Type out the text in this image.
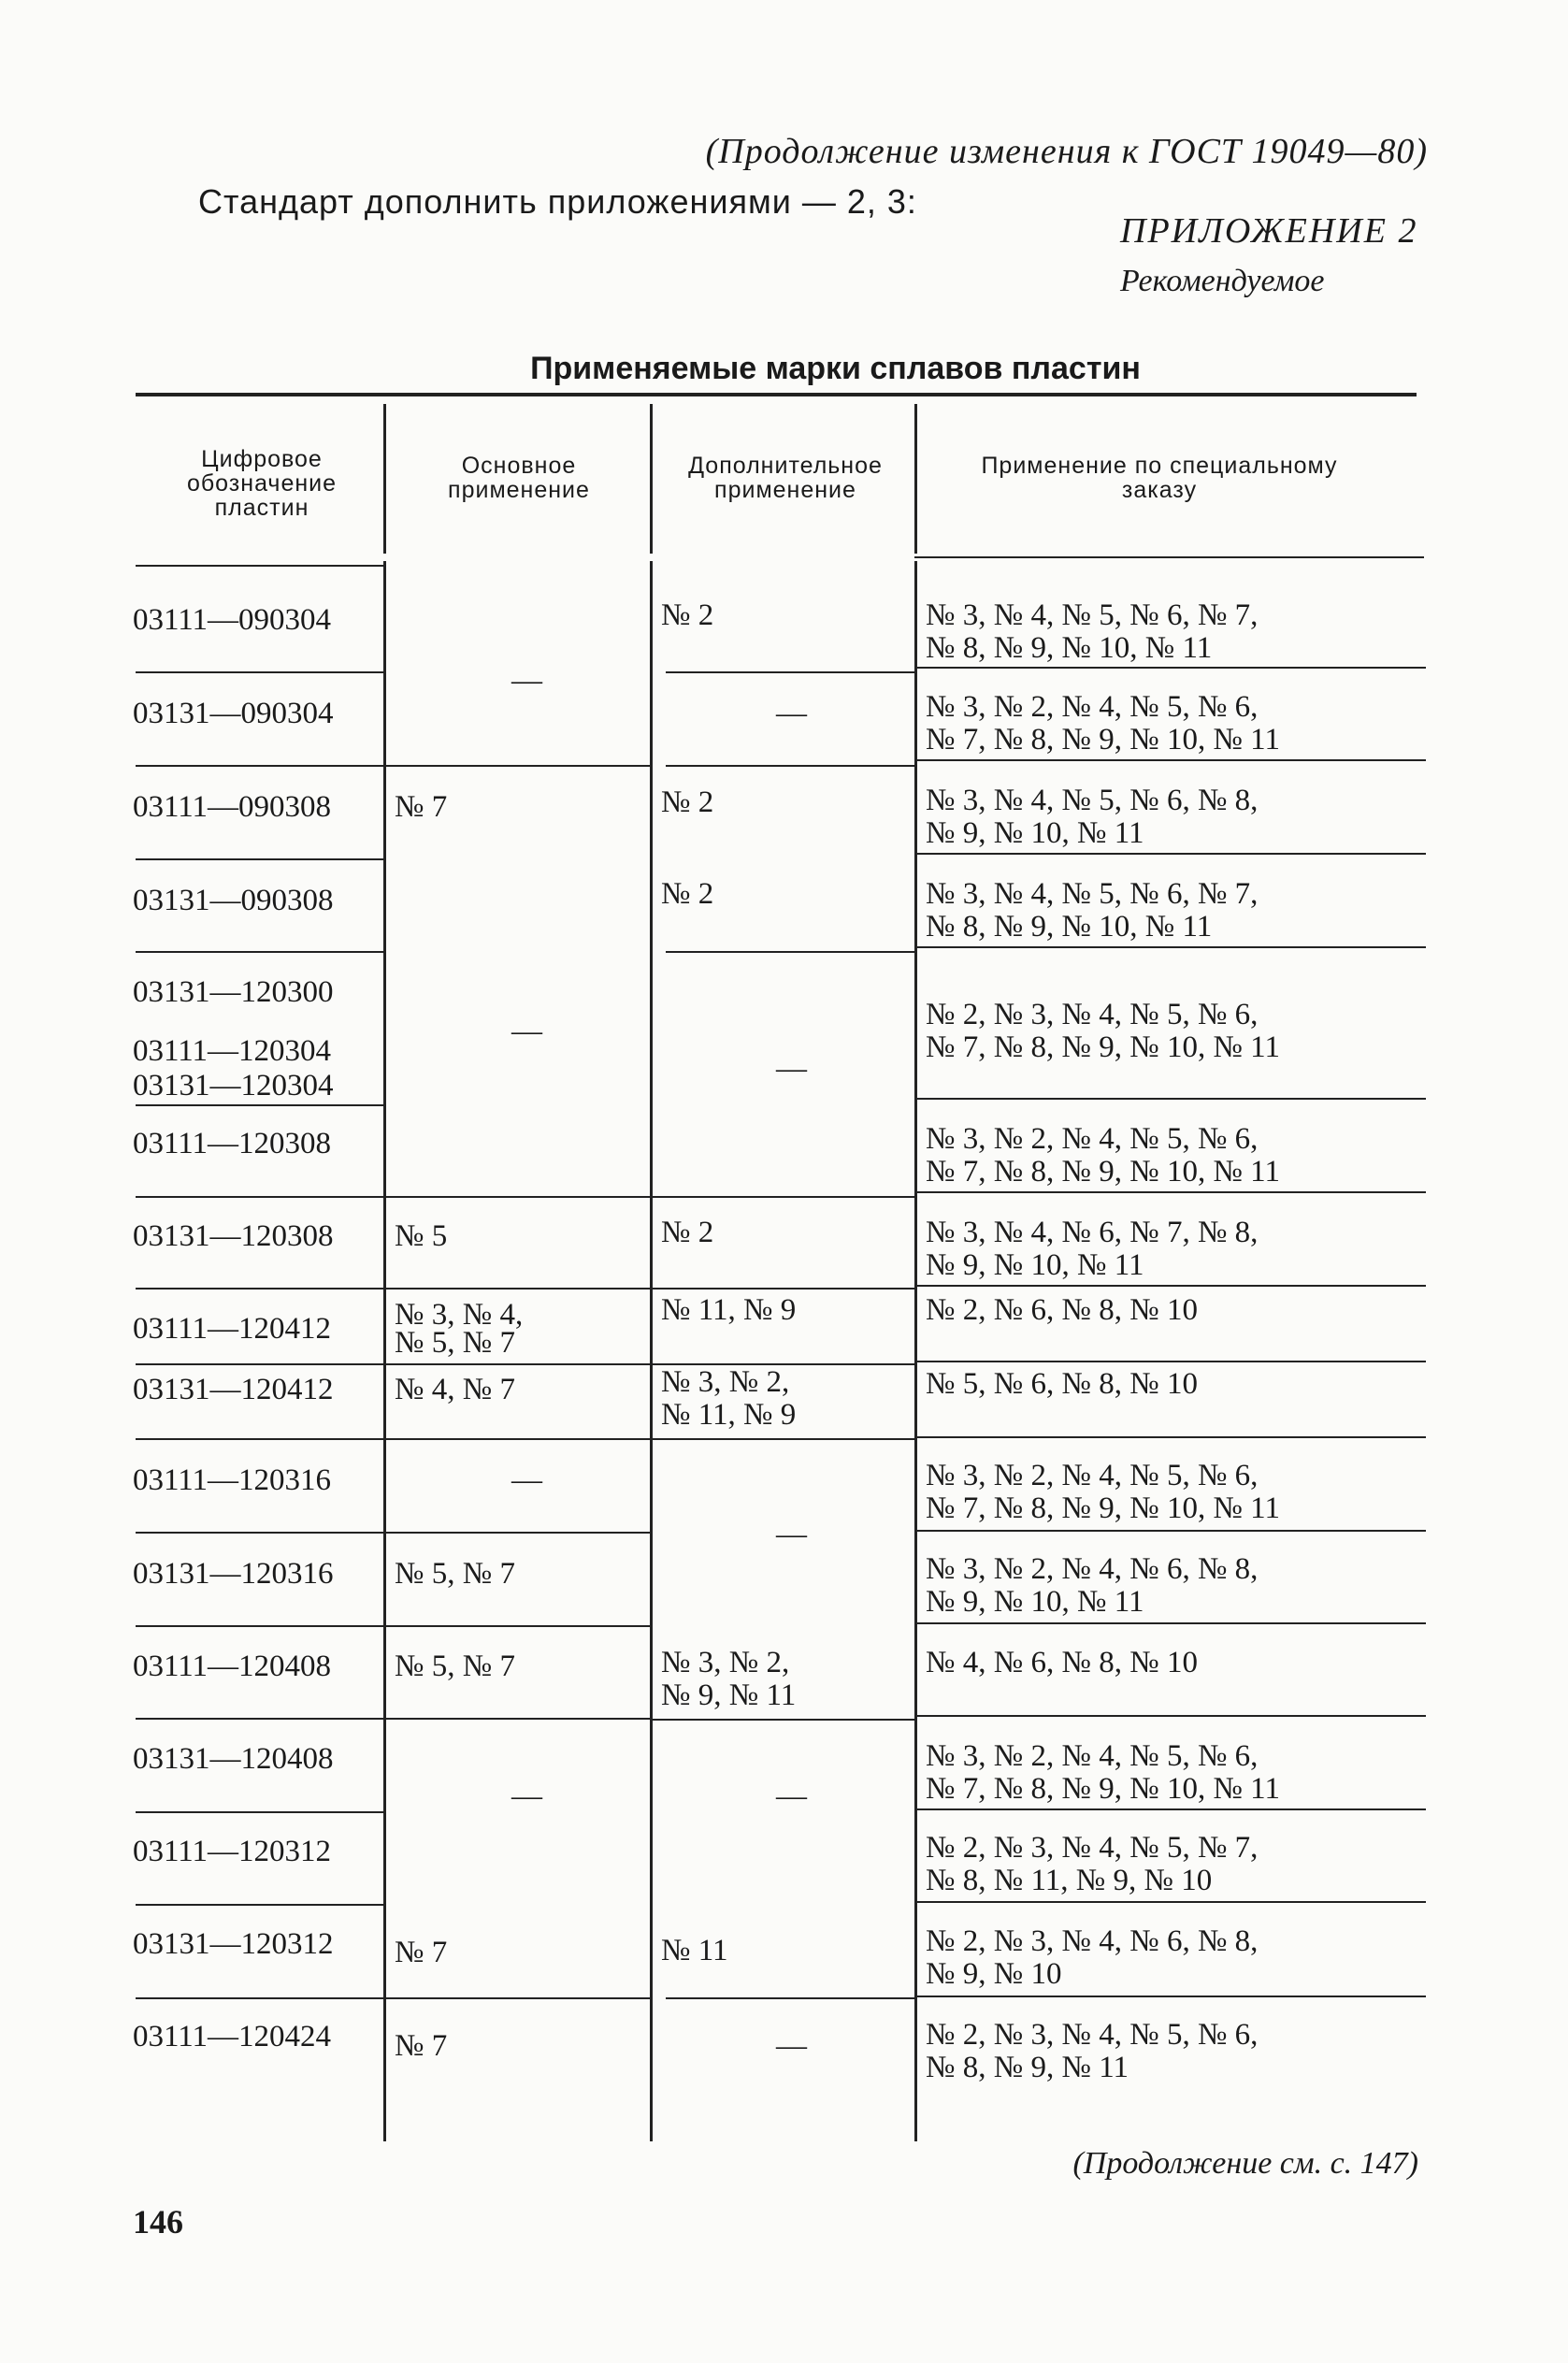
(Продолжение изменения к ГОСТ 19049—80)
Стандарт дополнить приложениями — 2, 3:
ПРИЛОЖЕНИЕ 2
Рекомендуемое
Применяемые марки сплавов пластин
Цифровое обозначение пластин
Основное применение
Дополнительное применение
Применение по специальному заказу
03111—090304
03131—090304
03111—090308
03131—090308
03131—120300
03111—120304
03131—120304
03111—120308
03131—120308
03111—120412
03131—120412
03111—120316
03131—120316
03111—120408
03131—120408
03111—120312
03131—120312
03111—120424
—
№ 7
—
№ 5
№ 3, № 4,
№ 5, № 7
№ 4, № 7
—
№ 5, № 7
№ 5, № 7
—
№ 7
№ 7
№ 2
—
№ 2
№ 2
—
№ 2
№ 11, № 9
№ 3, № 2,
№ 11, № 9
—
№ 3, № 2,
№ 9, № 11
—
№ 11
—
№ 3, № 4, № 5, № 6, № 7,
№ 8, № 9, № 10, № 11
№ 3, № 2, № 4, № 5, № 6,
№ 7, № 8, № 9, № 10, № 11
№ 3, № 4, № 5, № 6, № 8,
№ 9, № 10, № 11
№ 3, № 4, № 5, № 6, № 7,
№ 8, № 9, № 10, № 11
№ 2, № 3, № 4, № 5, № 6,
№ 7, № 8, № 9, № 10, № 11
№ 3, № 2, № 4, № 5, № 6,
№ 7, № 8, № 9, № 10, № 11
№ 3, № 4, № 6, № 7, № 8,
№ 9, № 10, № 11
№ 2, № 6, № 8, № 10
№ 5, № 6, № 8, № 10
№ 3, № 2, № 4, № 5, № 6,
№ 7, № 8, № 9, № 10, № 11
№ 3, № 2, № 4, № 6, № 8,
№ 9, № 10, № 11
№ 4, № 6, № 8, № 10
№ 3, № 2, № 4, № 5, № 6,
№ 7, № 8, № 9, № 10, № 11
№ 2, № 3, № 4, № 5, № 7,
№ 8, № 11, № 9, № 10
№ 2, № 3, № 4, № 6, № 8,
№ 9, № 10
№ 2, № 3, № 4, № 5, № 6,
№ 8, № 9, № 11
(Продолжение см. с. 147)
146
